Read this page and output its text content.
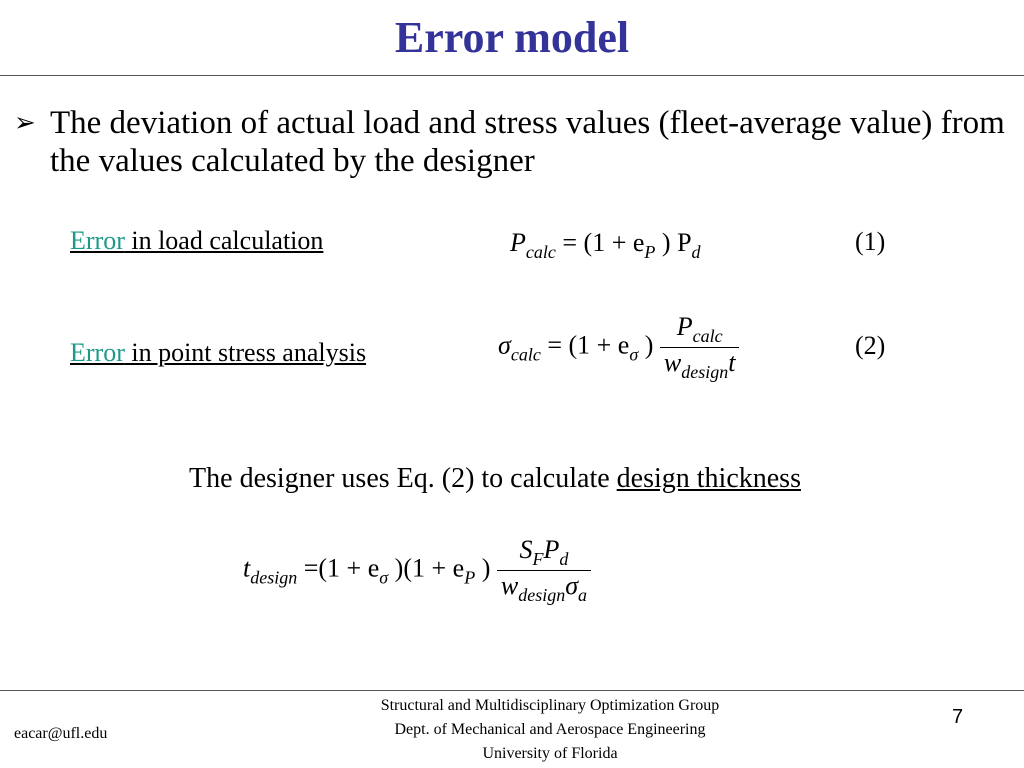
Error model
➢ The deviation of actual load and stress values (fleet-average value) from the values calculated by the designer
Error in load calculation	$P_{calc} = (1 + e_P$ ) $P_d$	(1)
Error in point stress analysis	$\sigma_{calc} = (1 + e_\sigma$ ) $\frac{P_{calc}}{w_{design}t}$	(2)
The designer uses Eq. (2) to calculate design thickness
$t_{design} =(1 + e_\sigma$ )($1 + e_P$ ) $\frac{S_FP_d}{w_{design}\sigma_a}$
eacar@ufl.edu
Structural and Multidisciplinary Optimization Group
Dept. of Mechanical and Aerospace Engineering
University of Florida
7
